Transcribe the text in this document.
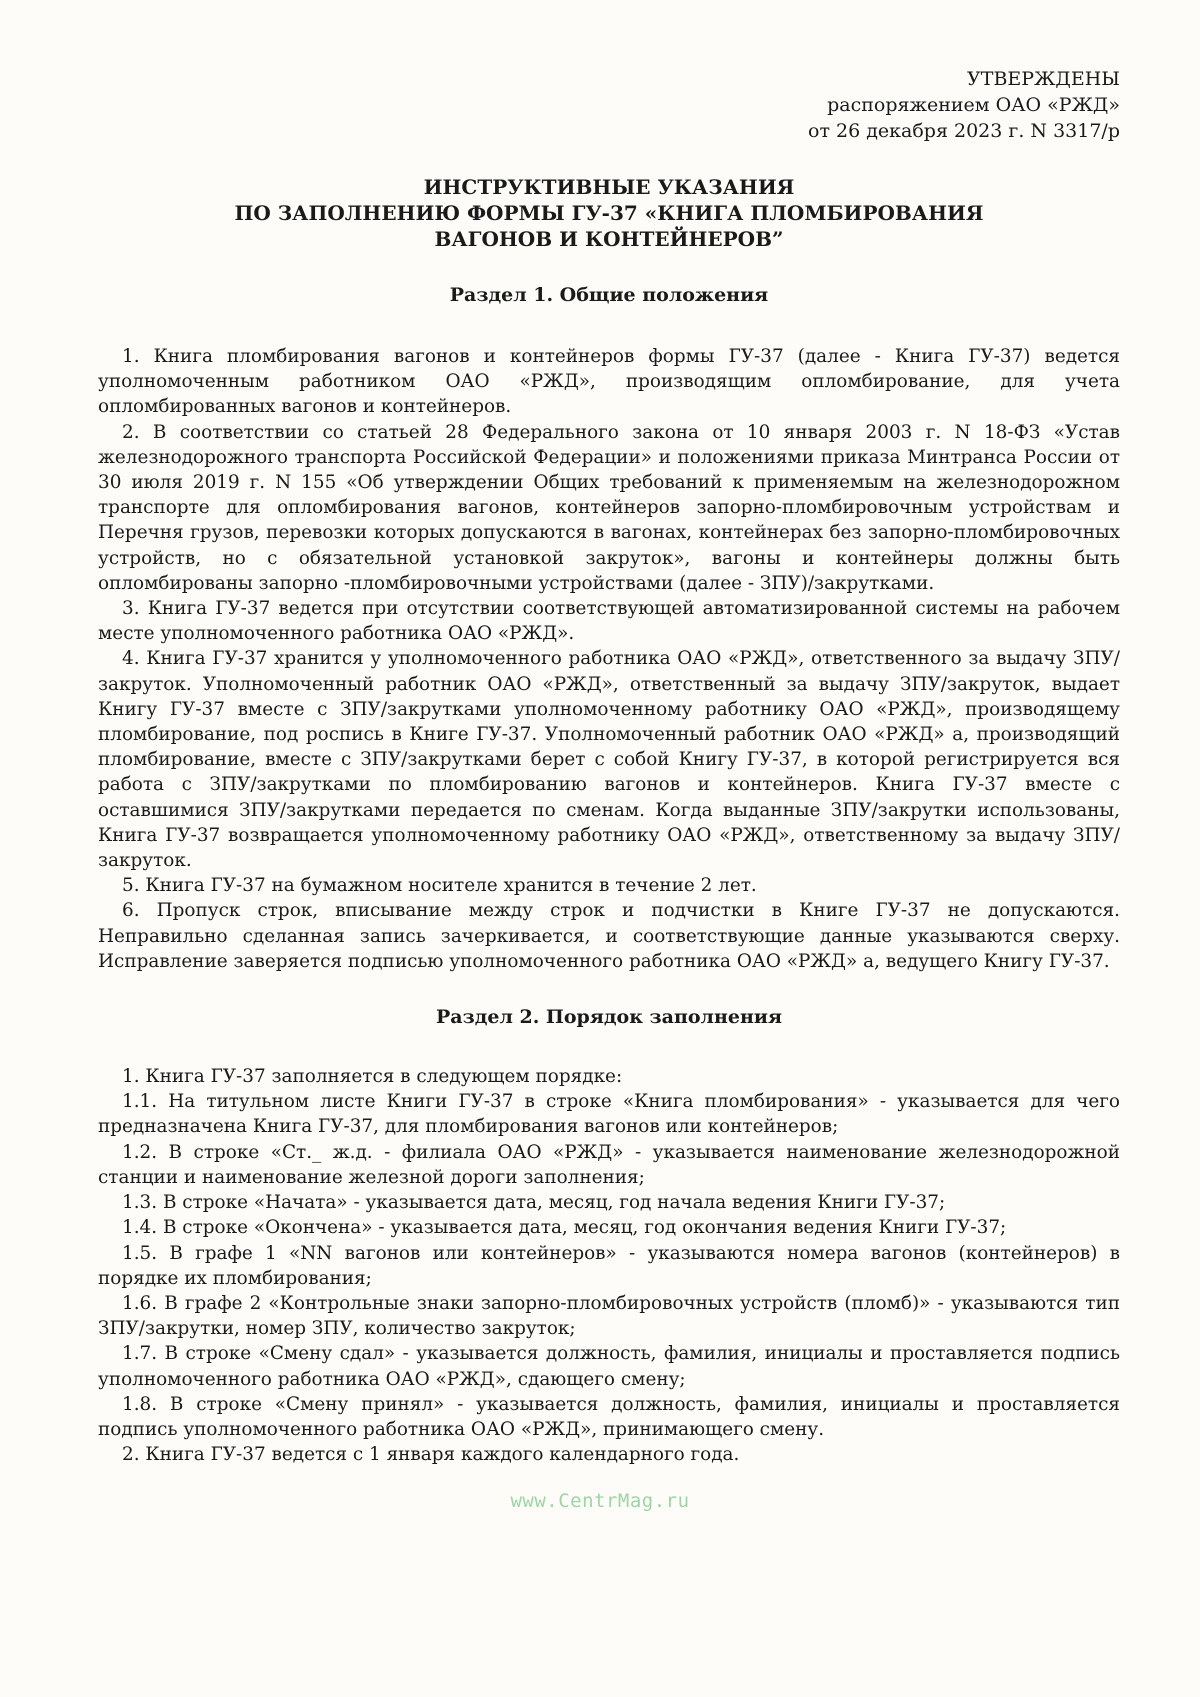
УТВЕРЖДЕНЫ
распоряжением ОАО «РЖД»
от 26 декабря 2023 г. N 3317/р
ИНСТРУКТИВНЫЕ УКАЗАНИЯ
ПО ЗАПОЛНЕНИЮ ФОРМЫ ГУ-37 «КНИГА ПЛОМБИРОВАНИЯ
ВАГОНОВ И КОНТЕЙНЕРОВ”
Раздел 1. Общие положения

1. Книга пломбирования вагонов и контейнеров формы ГУ-37 (далее - Книга ГУ-37) ведется уполномоченным работником ОАО «РЖД», производящим опломбирование, для учета опломбированных вагонов и контейнеров.

2. В соответствии со статьей 28 Федерального закона от 10 января 2003 г. N 18-ФЗ «Устав железнодорожного транспорта Российской Федерации» и положениями приказа Минтранса России от 30 июля 2019 г. N 155 «Об утверждении Общих требований к применяемым на железнодорожном транспорте для опломбирования вагонов, контейнеров запорно-пломбировочным устройствам и Перечня грузов, перевозки которых допускаются в вагонах, контейнерах без запорно-пломбировочных устройств, но с обязательной установкой закруток», вагоны и контейнеры должны быть опломбированы запорно -пломбировочными устройствами (далее - ЗПУ)/закрутками.

3. Книга ГУ-37 ведется при отсутствии соответствующей автоматизированной системы на рабочем месте уполномоченного работника ОАО «РЖД».

4. Книга ГУ-37 хранится у уполномоченного работника ОАО «РЖД», ответственного за выдачу ЗПУ/закруток. Уполномоченный работник ОАО «РЖД», ответственный за выдачу ЗПУ/закруток, выдает Книгу ГУ-37 вместе с ЗПУ/закрутками уполномоченному работнику ОАО «РЖД», производящему пломбирование, под роспись в Книге ГУ-37. Уполномоченный работник ОАО «РЖД» а, производящий пломбирование, вместе с ЗПУ/закрутками берет с собой Книгу ГУ-37, в которой регистрируется вся работа с ЗПУ/закрутками по пломбированию вагонов и контейнеров. Книга ГУ-37 вместе с оставшимися ЗПУ/закрутками передается по сменам. Когда выданные ЗПУ/закрутки использованы, Книга ГУ-37 возвращается уполномоченному работнику ОАО «РЖД», ответственному за выдачу ЗПУ/закруток.

5. Книга ГУ-37 на бумажном носителе хранится в течение 2 лет.

6. Пропуск строк, вписывание между строк и подчистки в Книге ГУ-37 не допускаются. Неправильно сделанная запись зачеркивается, и соответствующие данные указываются сверху. Исправление заверяется подписью уполномоченного работника ОАО «РЖД» а, ведущего Книгу ГУ-37.

Раздел 2. Порядок заполнения

1. Книга ГУ-37 заполняется в следующем порядке:

1.1. На титульном листе Книги ГУ-37 в строке «Книга пломбирования» - указывается для чего предназначена Книга ГУ-37, для пломбирования вагонов или контейнеров;

1.2. В строке «Ст._ ж.д. - филиала ОАО «РЖД» - указывается наименование железнодорожной станции и наименование железной дороги заполнения;

1.3. В строке «Начата» - указывается дата, месяц, год начала ведения Книги ГУ-37;

1.4. В строке «Окончена» - указывается дата, месяц, год окончания ведения Книги ГУ-37;

1.5. В графе 1 «NN вагонов или контейнеров» - указываются номера вагонов (контейнеров) в порядке их пломбирования;

1.6. В графе 2 «Контрольные знаки запорно-пломбировочных устройств (пломб)» - указываются тип ЗПУ/закрутки, номер ЗПУ, количество закруток;

1.7. В строке «Смену сдал» - указывается должность, фамилия, инициалы и проставляется подпись уполномоченного работника ОАО «РЖД», сдающего смену;

1.8. В строке «Смену принял» - указывается должность, фамилия, инициалы и проставляется подпись уполномоченного работника ОАО «РЖД», принимающего смену.

2. Книга ГУ-37 ведется с 1 января каждого календарного года.

www.CentrMag.ru
